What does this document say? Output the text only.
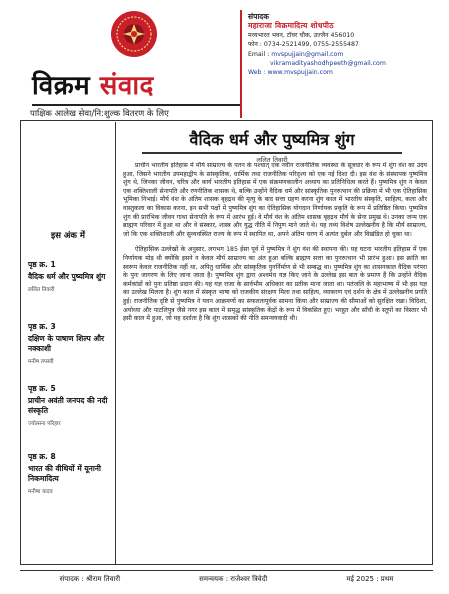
विक्रम संवाद
पाक्षिक आलेख सेवा/नि:शुल्क वितरण के लिए
संपादक
महाराजा विक्रमादित्य शोधपीठ
मध्यभारत भवन, टॉवर चौक, उज्जैन 456010
फोन : 0734-2521499, 0755-2555487
Email : mvspujjain@gmail.com
vikramadityashodhpeeth@gmail.com
Web : www.mvspujjain.com
इस अंक में
पृष्ठ क्र. 1
वैदिक धर्म और पुष्यमित्र शुंग
ललित तिवारी
पृष्ठ क्र. 3
दक्षिण के पाषाण शिल्प और नक्काशी
मनीष तपस्वी
पृष्ठ क्र. 5
प्राचीन अवंती जनपद की नदी संस्कृति
ज्योत्सना परिहार
पृष्ठ क्र. 8
भारत की वीथियों में यूनानी निकमादित्य
मनीषा यादव
वैदिक धर्म और पुष्यमित्र शुंग
ललित तिवारी

प्राचीन भारतीय इतिहास में मौर्य साम्राज्य के पतन के पश्चात् एक नवीन राजनीतिक व्यवस्था के सूत्रधार के रूप में शुंग वंश का उदय हुआ, जिसने भारतीय उपमहाद्वीप के सांस्कृतिक, धार्मिक तथा राजनीतिक परिदृश्य को एक नई दिशा दी। इस वंश के संस्थापक पुष्यमित्र शुंग थे, जिनका जीवन, चरित्र और कार्य भारतीय इतिहास में एक संक्रमणकालीन अध्याय का प्रतिनिधित्व करते हैं। पुष्यमित्र शुंग न केवल एक शक्तिशाली सेनापति और रणनीतिक शासक थे, बल्कि उन्होंने वैदिक धर्म और सांस्कृतिक पुनरुत्थान की प्रक्रिया में भी एक ऐतिहासिक भूमिका निभाई। मौर्य वंश के अंतिम शासक बृहद्रथ की मृत्यु के बाद सत्ता ग्रहण करना शुंग काल में भारतीय संस्कृति, साहित्य, कला और वास्तुकला का विकास करना, इन सभी पक्षों में पुष्यमित्र शुंग का ऐतिहासिक योगदान निर्णायक प्रकृति के रूप में प्रतिष्ठित किया। पुष्यमित्र शुंग की प्रारंभिक जीवन गाथा सेनापति के रूप में आरंभ हुई। वे मौर्य वंश के अंतिम शासक बृहद्रथ मौर्य के सेना प्रमुख थे। उनका जन्म एक ब्राह्मण परिवार में हुआ था और वे संस्कार, शास्त्र और युद्ध नीति में निपुण माने जाते थे। यह तथ्य विशेष उल्लेखनीय है कि मौर्य साम्राज्य, जो कि एक शक्तिशाली और सुव्यवस्थित राज्य के रूप में स्थापित था, अपने अंतिम चरण में अत्यंत दुर्बल और विखंडित हो चुका था।

ऐतिहासिक उल्लेखों के अनुसार, लगभग 185 ईसा पूर्व में पुष्यमित्र ने शुंग वंश की स्थापना की। यह घटना भारतीय इतिहास में एक निर्णायक मोड़ थी क्योंकि इसने न केवल मौर्य साम्राज्य का अंत हुआ बल्कि ब्राह्मण सत्ता का पुनरुत्थान भी प्रारंभ हुआ। इस क्रांति का स्वरूप केवल राजनीतिक नहीं था, अपितु धार्मिक और सांस्कृतिक पुनर्निर्माण से भी सम्बद्ध था। पुष्यमित्र शुंग का शासनकाल वैदिक परंपरा के पुनः जागरण के लिए जाना जाता है। पुष्यमित्र शुंग द्वारा अश्वमेध यज्ञ किए जाने के उल्लेख इस बात के प्रमाण हैं कि उन्होंने वैदिक कर्मकांडों को पुनः प्रतिष्ठा प्रदान की। यह यज्ञ राजा के सार्वभौम अधिकार का प्रतीक माना जाता था। पतंजलि के महाभाष्य में भी इस यज्ञ का उल्लेख मिलता है। शुंग काल में संस्कृत भाषा को राजकीय संरक्षण मिला तथा साहित्य, व्याकरण एवं दर्शन के क्षेत्र में उल्लेखनीय प्रगति हुई। राजनीतिक दृष्टि से पुष्यमित्र ने यवन आक्रमणों का सफलतापूर्वक सामना किया और साम्राज्य की सीमाओं को सुरक्षित रखा। विदिशा, अयोध्या और पाटलिपुत्र जैसे नगर इस काल में समृद्ध सांस्कृतिक केंद्रों के रूप में विकसित हुए। भरहुत और साँची के स्तूपों का विस्तार भी इसी काल में हुआ, जो यह दर्शाता है कि शुंग शासकों की नीति समन्वयवादी थी।

संपादक : श्रीराम तिवारी	समन्वयक : राजेश्वर त्रिवेदी	मई 2025 : प्रथम
